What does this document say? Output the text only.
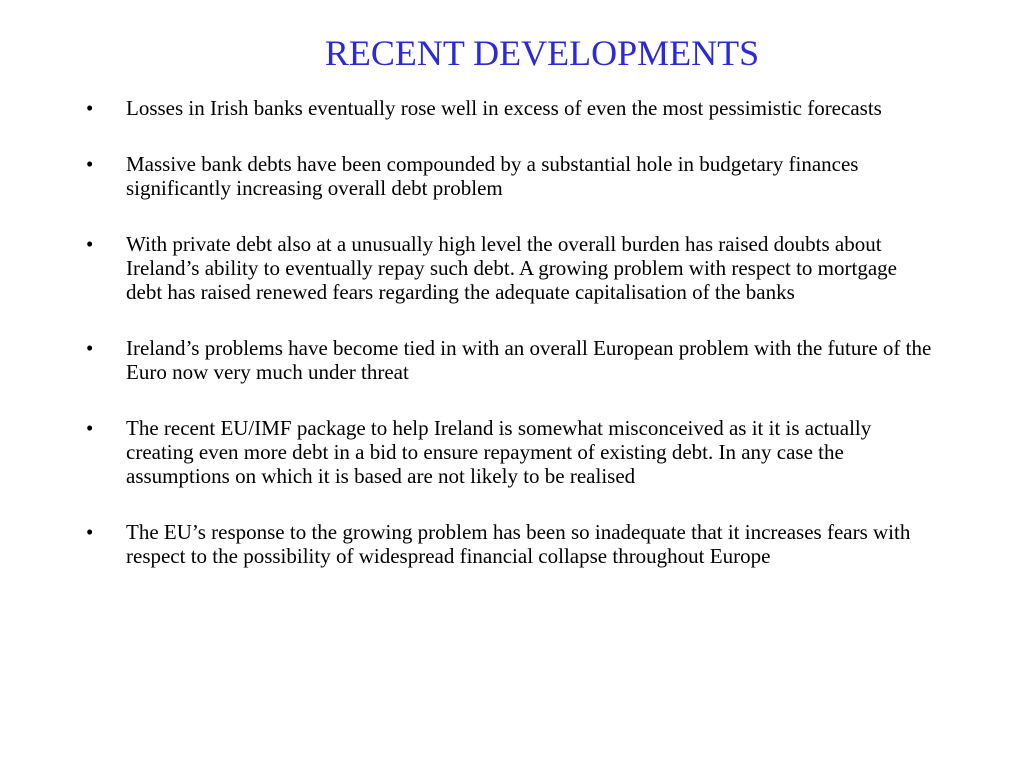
RECENT DEVELOPMENTS
•	Losses in Irish banks eventually rose well in excess of even the most pessimistic forecasts
•	Massive bank debts have been compounded by a substantial hole in budgetary finances significantly increasing overall debt problem
•	With private debt also at a unusually high level the overall burden has raised doubts about Ireland’s ability to eventually repay such debt. A growing problem with respect to mortgage debt has raised renewed fears regarding the adequate capitalisation of the banks
•	Ireland’s problems have become tied in with an overall European problem with the future of the Euro now very much under threat
•	The recent EU/IMF package to help Ireland is somewhat misconceived as it it is actually creating even more debt in a bid to ensure repayment of existing debt. In any case the assumptions on which it is based are not likely to be realised
•	The EU’s response to the growing problem has been so inadequate that it increases fears with respect to the possibility of widespread financial collapse throughout Europe
